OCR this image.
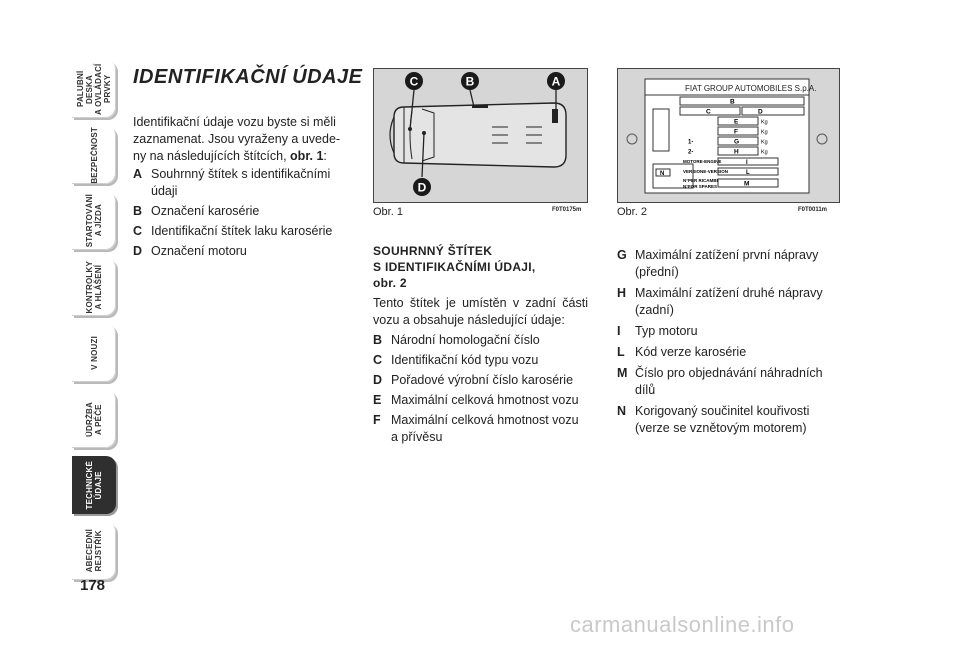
PALUBNÍ DESKA
A OVLÁDACÍ PRVKY
BEZPEČNOST
STARTOVÁNÍ
A JÍZDA
KONTROLKY
A HLÁŠENÍ
V NOUZI
ÚDRŽBA
A PÉČE
TECHNICKÉ
ÚDAJE
ABECEDNÍ
REJSTŘÍK
178
IDENTIFIKAČNÍ ÚDAJE
Identifikační údaje vozu byste si měli zaznamenat. Jsou vyraženy a uvede-ny na následujících štítcích, obr. 1:
A Souhrnný štítek s identifikačními údaji
B Označení karosérie
C Identifikační štítek laku karosérie
D Označení motoru
C	B	A
D
Obr. 1	F0T0175m
FIAT GROUP AUTOMOBILES S.p.A.
N
B
C	D
E	Kg
F	Kg
1-	G	Kg
2-	H	Kg
MOTORE-ENGINE	I
VERSIONE-VERSION	L
N°PER RICAMBI
N°FOR SPARES	M
Obr. 2	F0T0011m
SOUHRNNÝ ŠTÍTEK
S IDENTIFIKAČNÍMI ÚDAJI,
obr. 2

Tento štítek je umístěn v zadní části vozu a obsahuje následující údaje:

B Národní homologační číslo
C Identifikační kód typu vozu
D Pořadové výrobní číslo karosérie
E Maximální celková hmotnost vozu
F Maximální celková hmotnost vozu a přívěsu
G Maximální zatížení první nápravy (přední)
H Maximální zatížení druhé nápravy (zadní)
I	Typ motoru
L Kód verze karosérie
M Číslo pro objednávání náhradních dílů
N Korigovaný součinitel kouřivosti (verze se vznětovým motorem)
carmanualsonline.info
